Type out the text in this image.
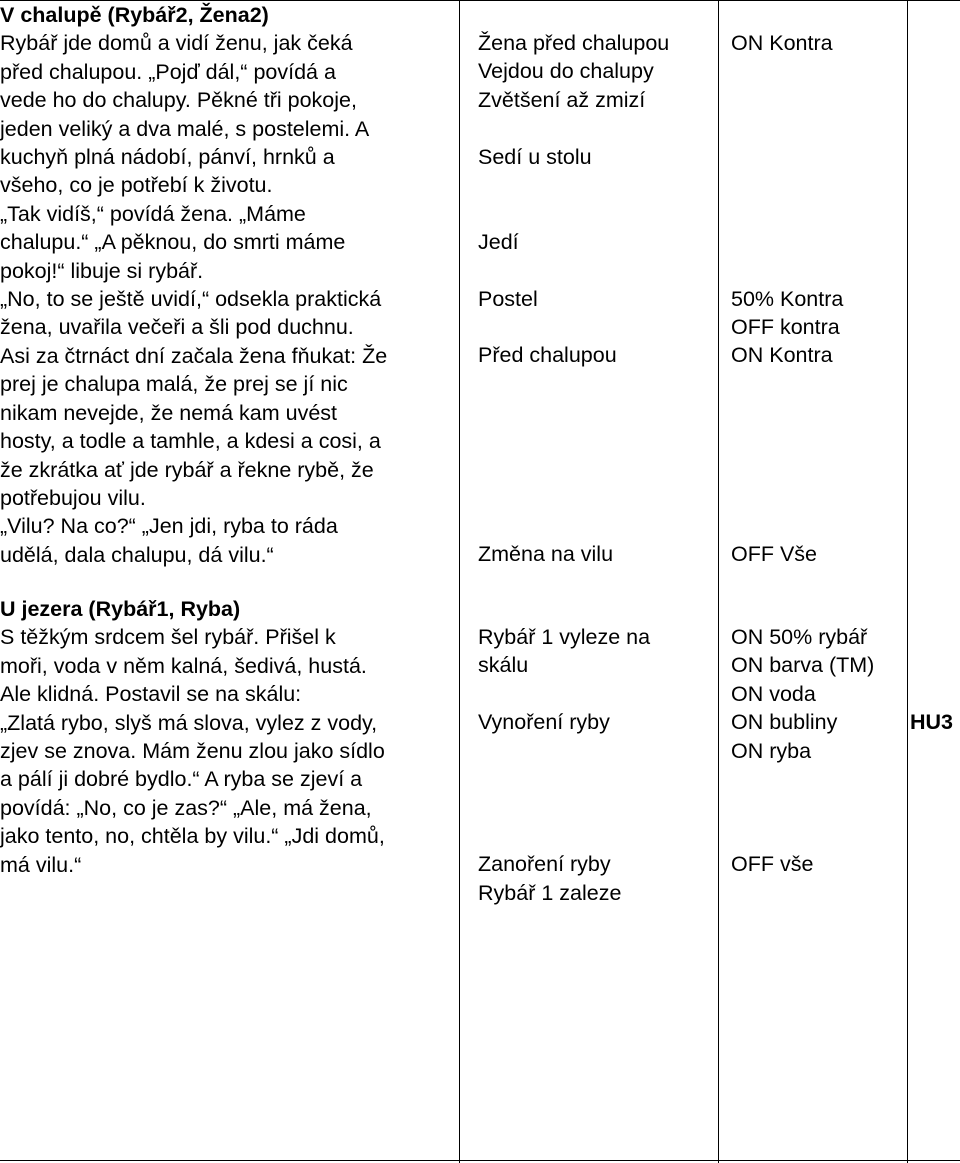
V chalupě (Rybář2, Žena2)
Rybář jde domů a vidí ženu, jak čeká
před chalupou. „Pojď dál,“ povídá a
vede ho do chalupy. Pěkné tři pokoje,
jeden veliký a dva malé, s postelemi. A
kuchyň plná nádobí, pánví, hrnků a
všeho, co je potřebí k životu.
„Tak vidíš,“ povídá žena. „Máme
chalupu.“ „A pěknou, do smrti máme
pokoj!“ libuje si rybář.
„No, to se ještě uvidí,“ odsekla praktická
žena, uvařila večeři a šli pod duchnu.
Asi za čtrnáct dní začala žena fňukat: Že
prej je chalupa malá, že prej se jí nic
nikam nevejde, že nemá kam uvést
hosty, a todle a tamhle, a kdesi a cosi, a
že zkrátka ať jde rybář a řekne rybě, že
potřebujou vilu.
„Vilu? Na co?“ „Jen jdi, ryba to ráda
udělá, dala chalupu, dá vilu.“
Žena před chalupou
Vejdou do chalupy
Zvětšení až zmizí
Sedí u stolu
Jedí
Postel
Před chalupou
Změna na vilu
ON Kontra
50% Kontra
OFF kontra
ON Kontra
OFF Vše
U jezera (Rybář1, Ryba)
S těžkým srdcem šel rybář. Přišel k
moři, voda v něm kalná, šedivá, hustá.
Ale klidná. Postavil se na skálu:
„Zlatá rybo, slyš má slova, vylez z vody,
zjev se znova. Mám ženu zlou jako sídlo
a pálí ji dobré bydlo.“ A ryba se zjeví a
povídá: „No, co je zas?“ „Ale, má žena,
jako tento, no, chtěla by vilu.“ „Jdi domů,
má vilu.“
Rybář 1 vyleze na
skálu
Vynoření ryby
Zanoření ryby
Rybář 1 zaleze
ON 50% rybář
ON barva (TM)
ON voda
ON bubliny
ON ryba
OFF vše
HU3
